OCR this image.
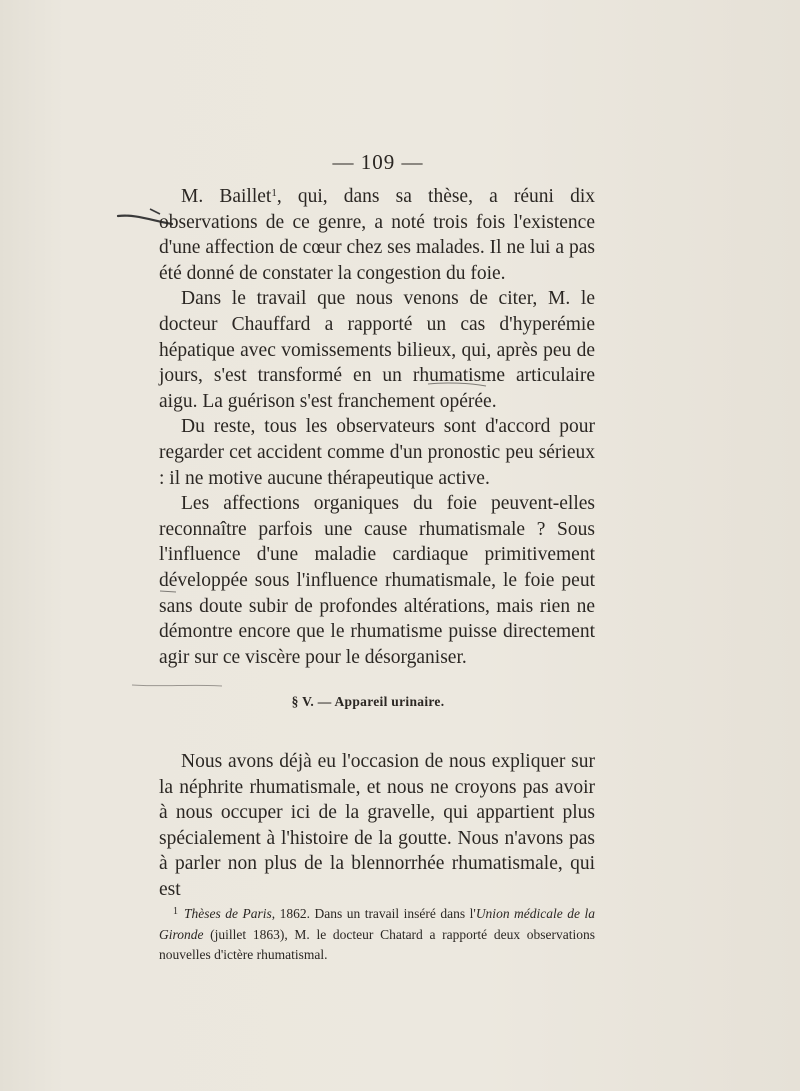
— 109 —

M. Baillet$^1$, qui, dans sa thèse, a réuni dix observations de ce genre, a noté trois fois l'existence d'une affection de cœur chez ses malades. Il ne lui a pas été donné de constater la congestion du foie.

Dans le travail que nous venons de citer, M. le docteur Chauffard a rapporté un cas d'hyperémie hépatique avec vomissements bilieux, qui, après peu de jours, s'est transformé en un rhumatisme articulaire aigu. La guérison s'est franchement opérée.

Du reste, tous les observateurs sont d'accord pour regarder cet accident comme d'un pronostic peu sérieux : il ne motive aucune thérapeutique active.

Les affections organiques du foie peuvent-elles reconnaître parfois une cause rhumatismale ? Sous l'influence d'une maladie cardiaque primitivement développée sous l'influence rhumatismale, le foie peut sans doute subir de profondes altérations, mais rien ne démontre encore que le rhumatisme puisse directement agir sur ce viscère pour le désorganiser.

§ V. — Appareil urinaire.

Nous avons déjà eu l'occasion de nous expliquer sur la néphrite rhumatismale, et nous ne croyons pas avoir à nous occuper ici de la gravelle, qui appartient plus spécialement à l'histoire de la goutte. Nous n'avons pas à parler non plus de la blennorrhée rhumatismale, qui est

$^1$ Thèses de Paris, 1862. Dans un travail inséré dans l'Union médicale de la Gironde (juillet 1863), M. le docteur Chatard a rapporté deux observations nouvelles d'ictère rhumatismal.
